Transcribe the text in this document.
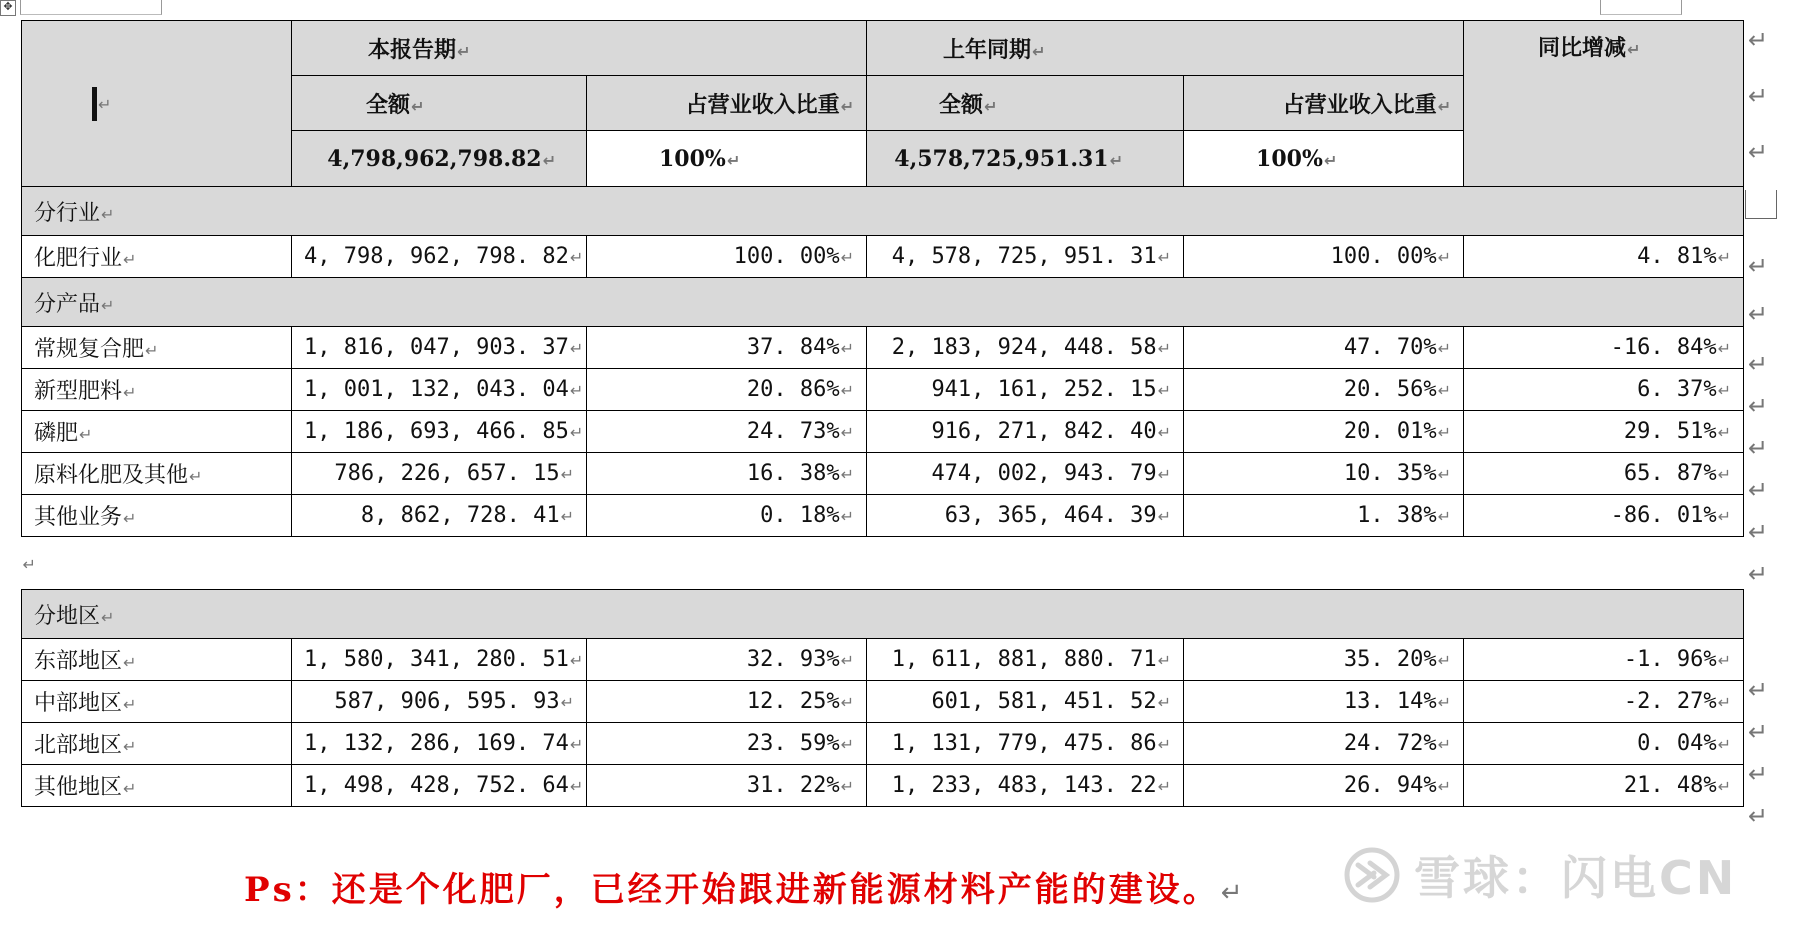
✥
↵	本报告期↵		上年同期↵		同比增减↵
	全额↵	占营业收入比重↵	全额↵	占营业收入比重↵	
	4,798,962,798.82↵	100%↵	4,578,725,951.31↵	100%↵	
分行业↵					
化肥行业↵	4, 798, 962, 798. 82↵	100. 00%↵	4, 578, 725, 951. 31↵	100. 00%↵	4. 81%↵
分产品↵					
常规复合肥↵	1, 816, 047, 903. 37↵	37. 84%↵	2, 183, 924, 448. 58↵	47. 70%↵	-16. 84%↵
新型肥料↵	1, 001, 132, 043. 04↵	20. 86%↵	941, 161, 252. 15↵	20. 56%↵	6. 37%↵
磷肥↵	1, 186, 693, 466. 85↵	24. 73%↵	916, 271, 842. 40↵	20. 01%↵	29. 51%↵
原料化肥及其他↵	786, 226, 657. 15↵	16. 38%↵	474, 002, 943. 79↵	10. 35%↵	65. 87%↵
其他业务↵	8, 862, 728. 41↵	0. 18%↵	63, 365, 464. 39↵	1. 38%↵	-86. 01%↵
↵					
分地区↵					
东部地区↵	1, 580, 341, 280. 51↵	32. 93%↵	1, 611, 881, 880. 71↵	35. 20%↵	-1. 96%↵
中部地区↵	587, 906, 595. 93↵	12. 25%↵	601, 581, 451. 52↵	13. 14%↵	-2. 27%↵
北部地区↵	1, 132, 286, 169. 74↵	23. 59%↵	1, 131, 779, 475. 86↵	24. 72%↵	0. 04%↵
其他地区↵	1, 498, 428, 752. 64↵	31. 22%↵	1, 233, 483, 143. 22↵	26. 94%↵	21. 48%↵
↵
↵
↵
↵
↵
↵
↵
↵
↵
↵
↵
↵
↵
↵
↵
Ps：还是个化肥厂，已经开始跟进新能源材料产能的建设。↵	雪球：闪电CN
